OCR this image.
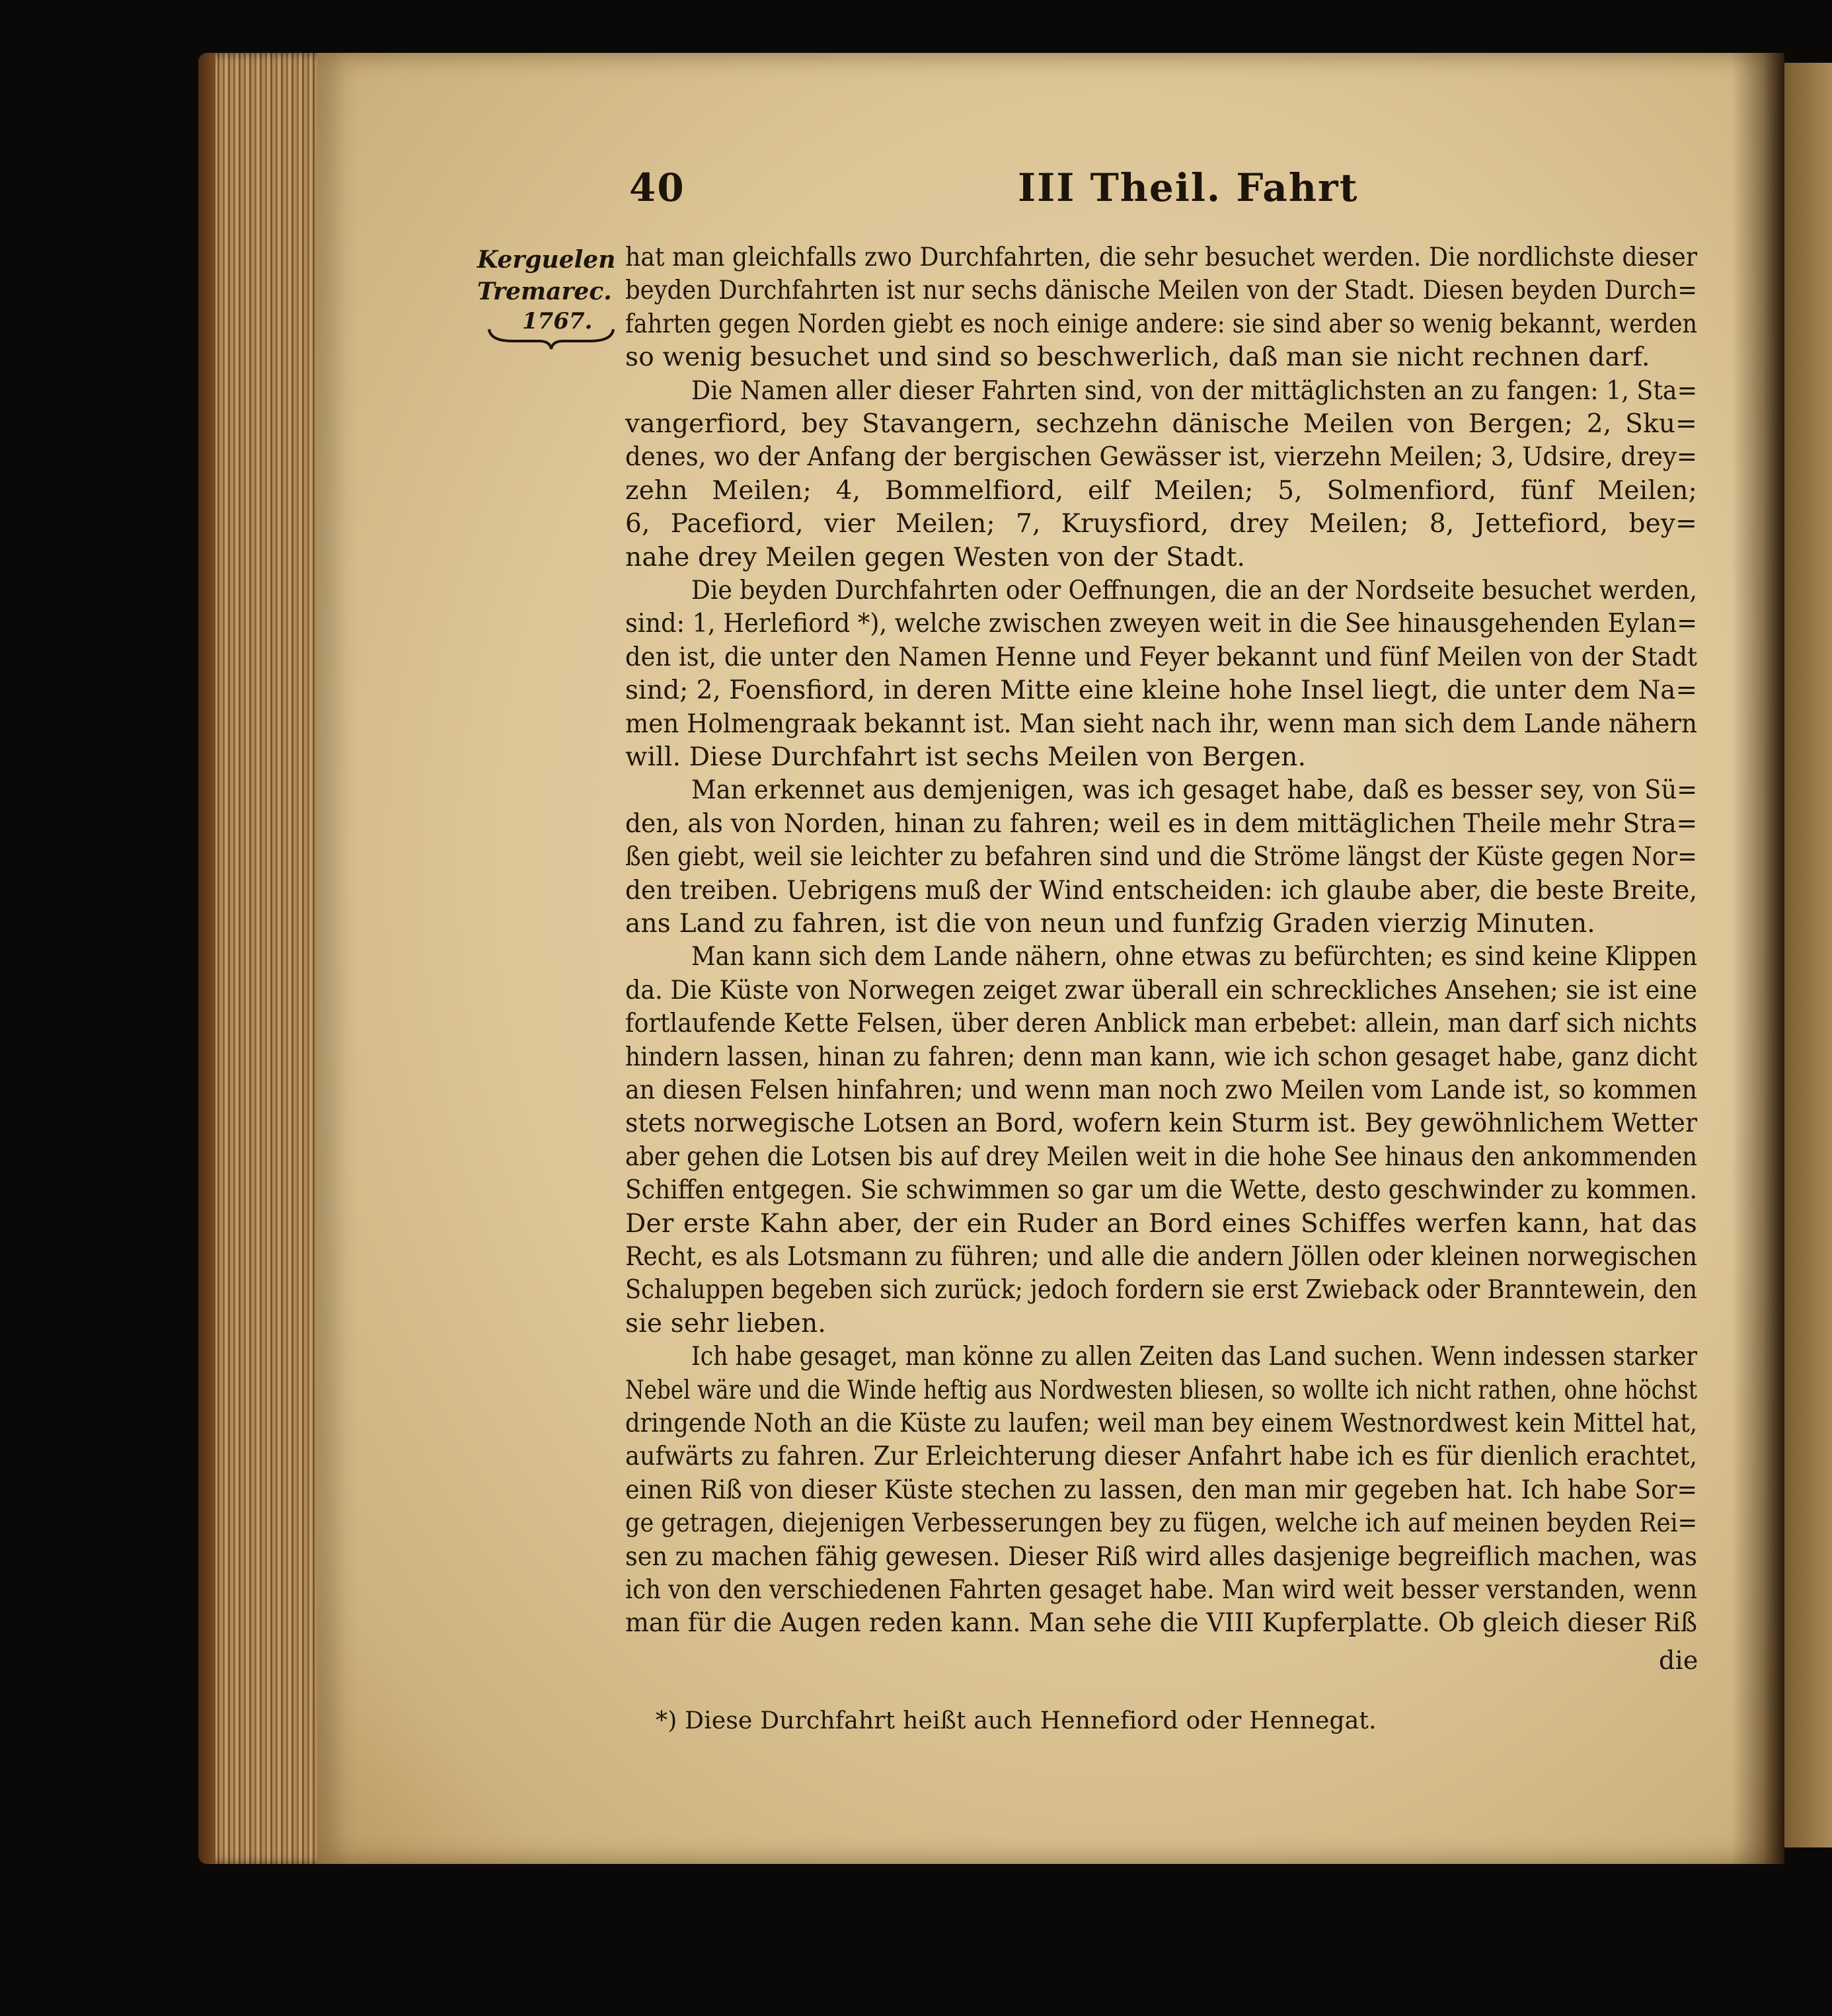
40	III Theil. Fahrt
Kerguelen
Tremarec.
1767.
hat man gleichfalls zwo Durchfahrten, die sehr besuchet werden. Die nordlichste dieser
beyden Durchfahrten ist nur sechs dänische Meilen von der Stadt. Diesen beyden Durch=
fahrten gegen Norden giebt es noch einige andere: sie sind aber so wenig bekannt, werden
so wenig besuchet und sind so beschwerlich, daß man sie nicht rechnen darf.
Die Namen aller dieser Fahrten sind, von der mittäglichsten an zu fangen: 1, Sta=
vangerfiord, bey Stavangern, sechzehn dänische Meilen von Bergen; 2, Sku=
denes, wo der Anfang der bergischen Gewässer ist, vierzehn Meilen; 3, Udsire, drey=
zehn Meilen; 4, Bommelfiord, eilf Meilen; 5, Solmenfiord, fünf Meilen;
6, Pacefiord, vier Meilen; 7, Kruysfiord, drey Meilen; 8, Jettefiord, bey=
nahe drey Meilen gegen Westen von der Stadt.
Die beyden Durchfahrten oder Oeffnungen, die an der Nordseite besuchet werden,
sind: 1, Herlefiord *), welche zwischen zweyen weit in die See hinausgehenden Eylan=
den ist, die unter den Namen Henne und Feyer bekannt und fünf Meilen von der Stadt
sind; 2, Foensfiord, in deren Mitte eine kleine hohe Insel liegt, die unter dem Na=
men Holmengraak bekannt ist. Man sieht nach ihr, wenn man sich dem Lande nähern
will. Diese Durchfahrt ist sechs Meilen von Bergen.
Man erkennet aus demjenigen, was ich gesaget habe, daß es besser sey, von Sü=
den, als von Norden, hinan zu fahren; weil es in dem mittäglichen Theile mehr Stra=
ßen giebt, weil sie leichter zu befahren sind und die Ströme längst der Küste gegen Nor=
den treiben. Uebrigens muß der Wind entscheiden: ich glaube aber, die beste Breite,
ans Land zu fahren, ist die von neun und funfzig Graden vierzig Minuten.
Man kann sich dem Lande nähern, ohne etwas zu befürchten; es sind keine Klippen
da. Die Küste von Norwegen zeiget zwar überall ein schreckliches Ansehen; sie ist eine
fortlaufende Kette Felsen, über deren Anblick man erbebet: allein, man darf sich nichts
hindern lassen, hinan zu fahren; denn man kann, wie ich schon gesaget habe, ganz dicht
an diesen Felsen hinfahren; und wenn man noch zwo Meilen vom Lande ist, so kommen
stets norwegische Lotsen an Bord, wofern kein Sturm ist. Bey gewöhnlichem Wetter
aber gehen die Lotsen bis auf drey Meilen weit in die hohe See hinaus den ankommenden
Schiffen entgegen. Sie schwimmen so gar um die Wette, desto geschwinder zu kommen.
Der erste Kahn aber, der ein Ruder an Bord eines Schiffes werfen kann, hat das
Recht, es als Lotsmann zu führen; und alle die andern Jöllen oder kleinen norwegischen
Schaluppen begeben sich zurück; jedoch fordern sie erst Zwieback oder Branntewein, den
sie sehr lieben.
Ich habe gesaget, man könne zu allen Zeiten das Land suchen. Wenn indessen starker
Nebel wäre und die Winde heftig aus Nordwesten bliesen, so wollte ich nicht rathen, ohne höchst
dringende Noth an die Küste zu laufen; weil man bey einem Westnordwest kein Mittel hat,
aufwärts zu fahren. Zur Erleichterung dieser Anfahrt habe ich es für dienlich erachtet,
einen Riß von dieser Küste stechen zu lassen, den man mir gegeben hat. Ich habe Sor=
ge getragen, diejenigen Verbesserungen bey zu fügen, welche ich auf meinen beyden Rei=
sen zu machen fähig gewesen. Dieser Riß wird alles dasjenige begreiflich machen, was
ich von den verschiedenen Fahrten gesaget habe. Man wird weit besser verstanden, wenn
man für die Augen reden kann. Man sehe die VIII Kupferplatte. Ob gleich dieser Riß
die
*) Diese Durchfahrt heißt auch Hennefiord oder Hennegat.
